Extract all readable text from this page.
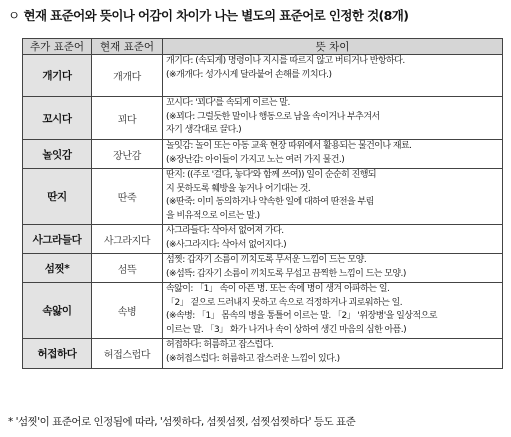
ㅇ 현재 표준어와 뜻이나 어감이 차이가 나는 별도의 표준어로 인정한 것(8개)
추가 표준어	현재 표준어	뜻 차이
개기다	개개다	개기다: (속되게) 명령이나 지시를 따르지 않고 버티거나 반항하다.
(※개개다: 성가시게 달라붙어 손해를 끼치다.)

꼬시다	꾀다	꼬시다: '꾀다'를 속되게 이르는 말.
(※꾀다: 그럴듯한 말이나 행동으로 남을 속이거나 부추겨서
자기 생각대로 끌다.)

놀잇감	장난감	놀잇감: 놀이 또는 아동 교육 현장 따위에서 활용되는 물건이나 재료.
(※장난감: 아이들이 가지고 노는 여러 가지 물건.)

딴지	딴죽	딴지: ((주로 '걸다, 놓다'와 함께 쓰여)) 일이 순순히 진행되
지 못하도록 훼방을 놓거나 어기대는 것.
(※딴죽: 이미 동의하거나 약속한 일에 대하여 딴전을 부림
을 비유적으로 이르는 말.)

사그라들다	사그라지다	사그라들다: 삭아서 없어져 가다.
(※사그라지다: 삭아서 없어지다.)

섬찟*	섬뜩	섬찟: 갑자기 소름이 끼치도록 무서운 느낌이 드는 모양.
(※섬뜩: 갑자기 소름이 끼치도록 무섭고 끔찍한 느낌이 드는 모양.)

속앓이	속병	속앓이: 「1」 속이 아픈 병. 또는 속에 병이 생겨 아파하는 일.
「2」 겉으로 드러내지 못하고 속으로 걱정하거나 괴로워하는 일.
(※속병: 「1」 몸속의 병을 통틀어 이르는 말. 「2」 '위장병'을 일상적으로
이르는 말. 「3」 화가 나거나 속이 상하여 생긴 마음의 심한 아픔.)

허접하다	허접스럽다	허접하다: 허름하고 잡스럽다.
(※허접스럽다: 허름하고 잡스러운 느낌이 있다.)
* '섬찟'이 표준어로 인정됨에 따라, '섬찟하다, 섬찟섬찟, 섬찟섬찟하다' 등도 표준
